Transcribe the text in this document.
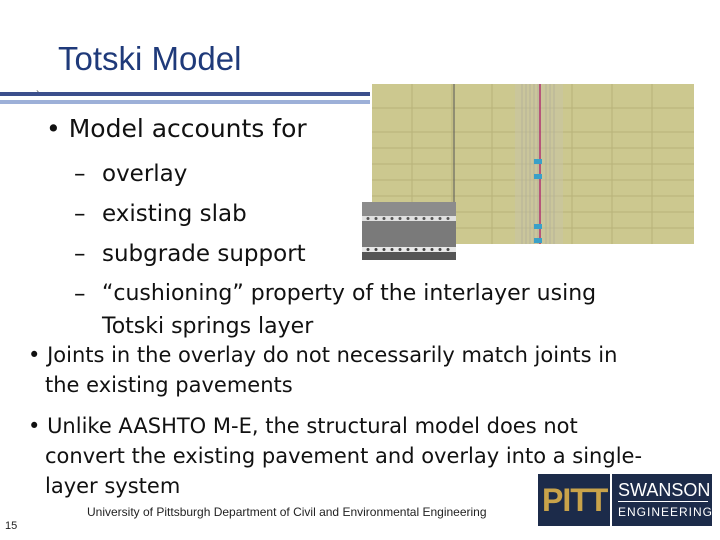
Totski Model
`
• Model accounts for
– overlay
– existing slab
– subgrade support
– “cushioning” property of the interlayer using
Totski springs layer
• Joints in the overlay do not necessarily match joints in
the existing pavements
• Unlike AASHTO M-E, the structural model does not
convert the existing pavement and overlay into a single-
layer system
University of Pittsburgh Department of Civil and Environmental Engineering
15
PITT SWANSON
ENGINEERING
